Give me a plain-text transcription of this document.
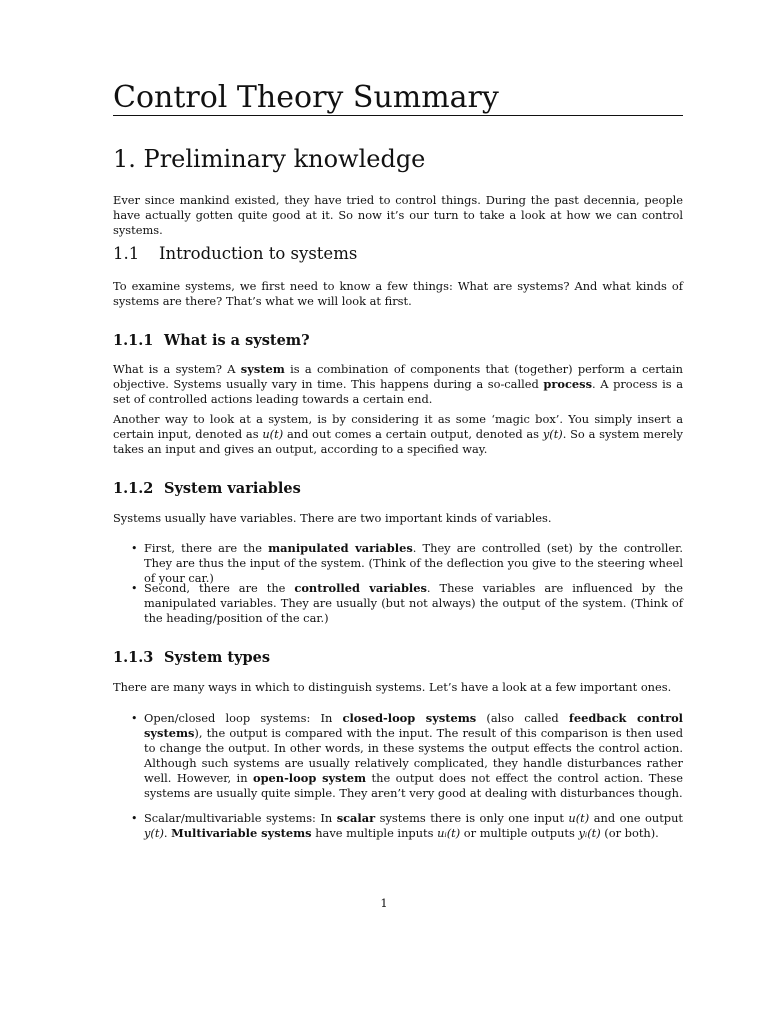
Control Theory Summary
1. Preliminary knowledge
Ever since mankind existed, they have tried to control things. During the past decennia, people have actually gotten quite good at it. So now it’s our turn to take a look at how we can control systems.
1.1 Introduction to systems
To examine systems, we first need to know a few things: What are systems? And what kinds of systems are there? That’s what we will look at first.
1.1.1 What is a system?
What is a system? A system is a combination of components that (together) perform a certain objective. Systems usually vary in time. This happens during a so-called process. A process is a set of controlled actions leading towards a certain end.
Another way to look at a system, is by considering it as some ‘magic box’. You simply insert a certain input, denoted as u(t) and out comes a certain output, denoted as y(t). So a system merely takes an input and gives an output, according to a specified way.
1.1.2 System variables
Systems usually have variables. There are two important kinds of variables.
• First, there are the manipulated variables. They are controlled (set) by the controller. They are thus the input of the system. (Think of the deflection you give to the steering wheel of your car.)
• Second, there are the controlled variables. These variables are influenced by the manipulated variables. They are usually (but not always) the output of the system. (Think of the heading/position of the car.)
1.1.3 System types
There are many ways in which to distinguish systems. Let’s have a look at a few important ones.
• Open/closed loop systems: In closed-loop systems (also called feedback control systems), the output is compared with the input. The result of this comparison is then used to change the output. In other words, in these systems the output effects the control action. Although such systems are usually relatively complicated, they handle disturbances rather well. However, in open-loop system the output does not effect the control action. These systems are usually quite simple. They aren’t very good at dealing with disturbances though.
• Scalar/multivariable systems: In scalar systems there is only one input u(t) and one output y(t). Multivariable systems have multiple inputs uᵢ(t) or multiple outputs yᵢ(t) (or both).
1
